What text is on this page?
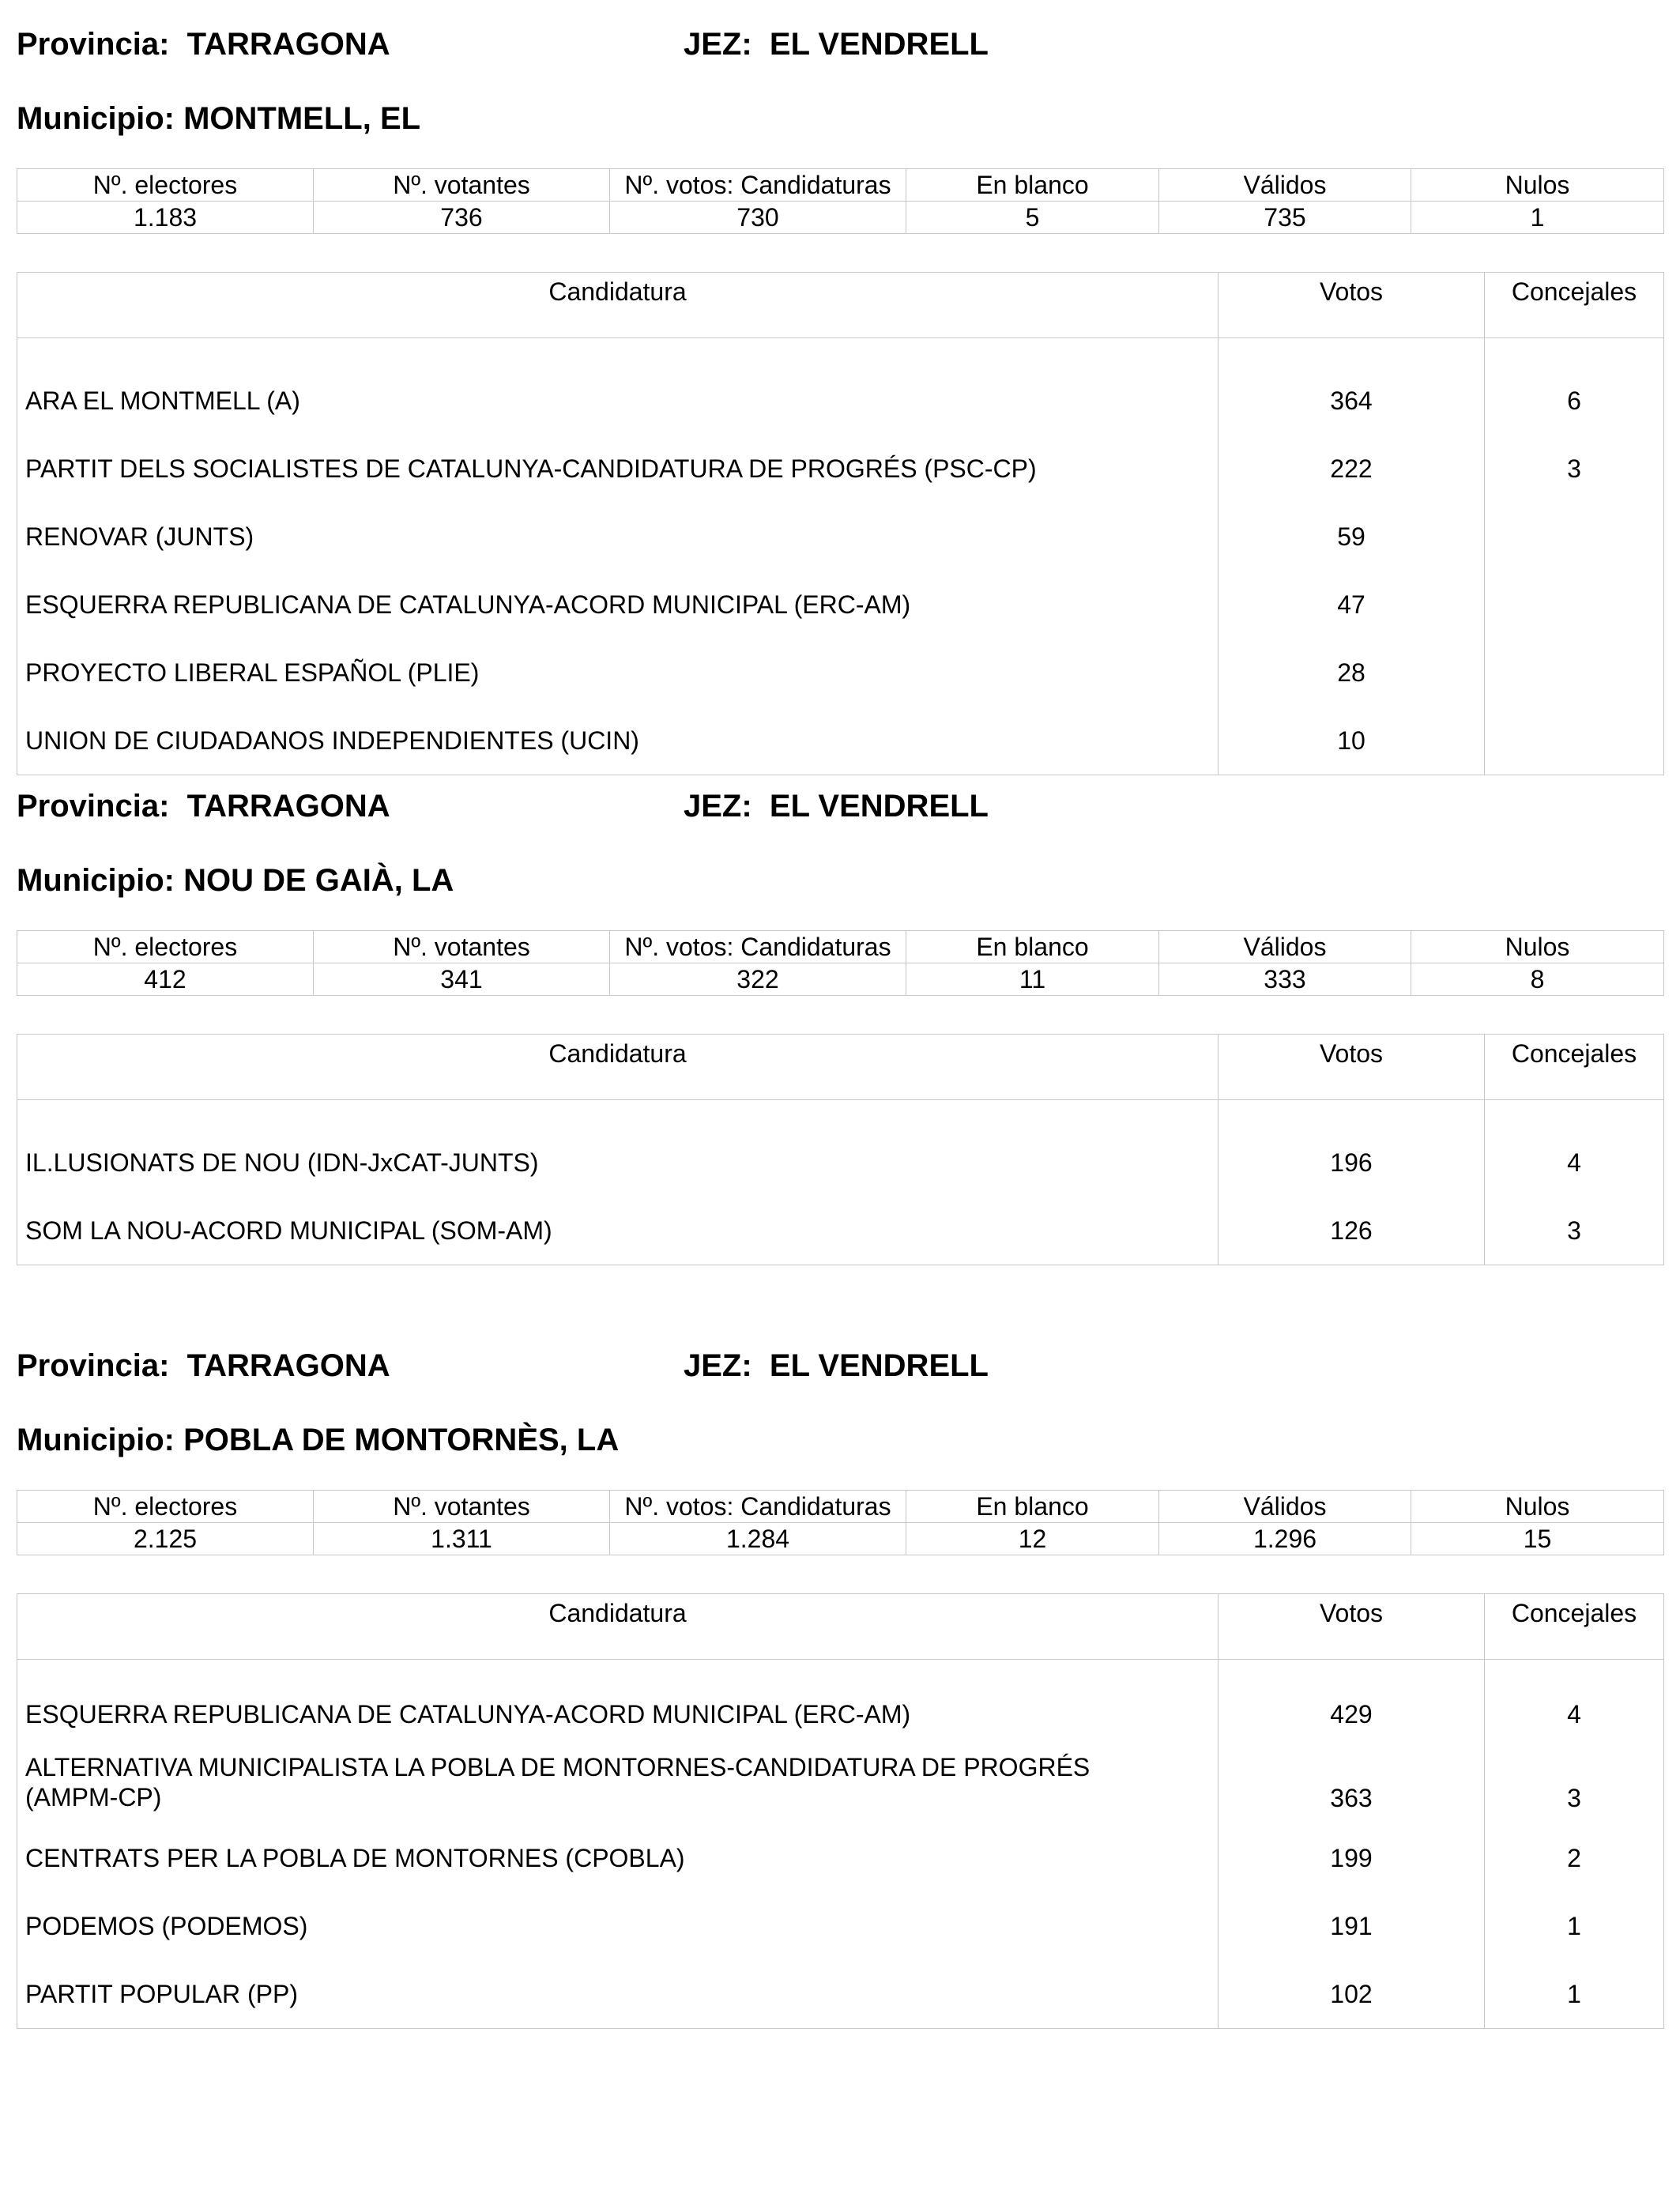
Provincia: TARRAGONA	JEZ: EL VENDRELL
Municipio: MONTMELL, EL
Nº. electores	Nº. votantes	Nº. votos: Candidaturas	En blanco	Válidos	Nulos
1.183	736	730	5	735	1
Candidatura	Votos	Concejales

ARA EL MONTMELL (A)	364	6
PARTIT DELS SOCIALISTES DE CATALUNYA-CANDIDATURA DE PROGRÉS (PSC-CP)	222	3
RENOVAR (JUNTS)	59	
ESQUERRA REPUBLICANA DE CATALUNYA-ACORD MUNICIPAL (ERC-AM)	47	
PROYECTO LIBERAL ESPAÑOL (PLIE)	28	
UNION DE CIUDADANOS INDEPENDIENTES (UCIN)	10	
Provincia: TARRAGONA	JEZ: EL VENDRELL
Municipio: NOU DE GAIÀ, LA
Nº. electores	Nº. votantes	Nº. votos: Candidaturas	En blanco	Válidos	Nulos
412	341	322	11	333	8
Candidatura	Votos	Concejales

IL.LUSIONATS DE NOU (IDN-JxCAT-JUNTS)	196	4
SOM LA NOU-ACORD MUNICIPAL (SOM-AM)	126	3
Provincia: TARRAGONA	JEZ: EL VENDRELL
Municipio: POBLA DE MONTORNÈS, LA
Nº. electores	Nº. votantes	Nº. votos: Candidaturas	En blanco	Válidos	Nulos
2.125	1.311	1.284	12	1.296	15
Candidatura	Votos	Concejales

ESQUERRA REPUBLICANA DE CATALUNYA-ACORD MUNICIPAL (ERC-AM)	429	4
ALTERNATIVA MUNICIPALISTA LA POBLA DE MONTORNES-CANDIDATURA DE PROGRÉS (AMPM-CP)	363	3
CENTRATS PER LA POBLA DE MONTORNES (CPOBLA)	199	2
PODEMOS (PODEMOS)	191	1
PARTIT POPULAR (PP)	102	1
